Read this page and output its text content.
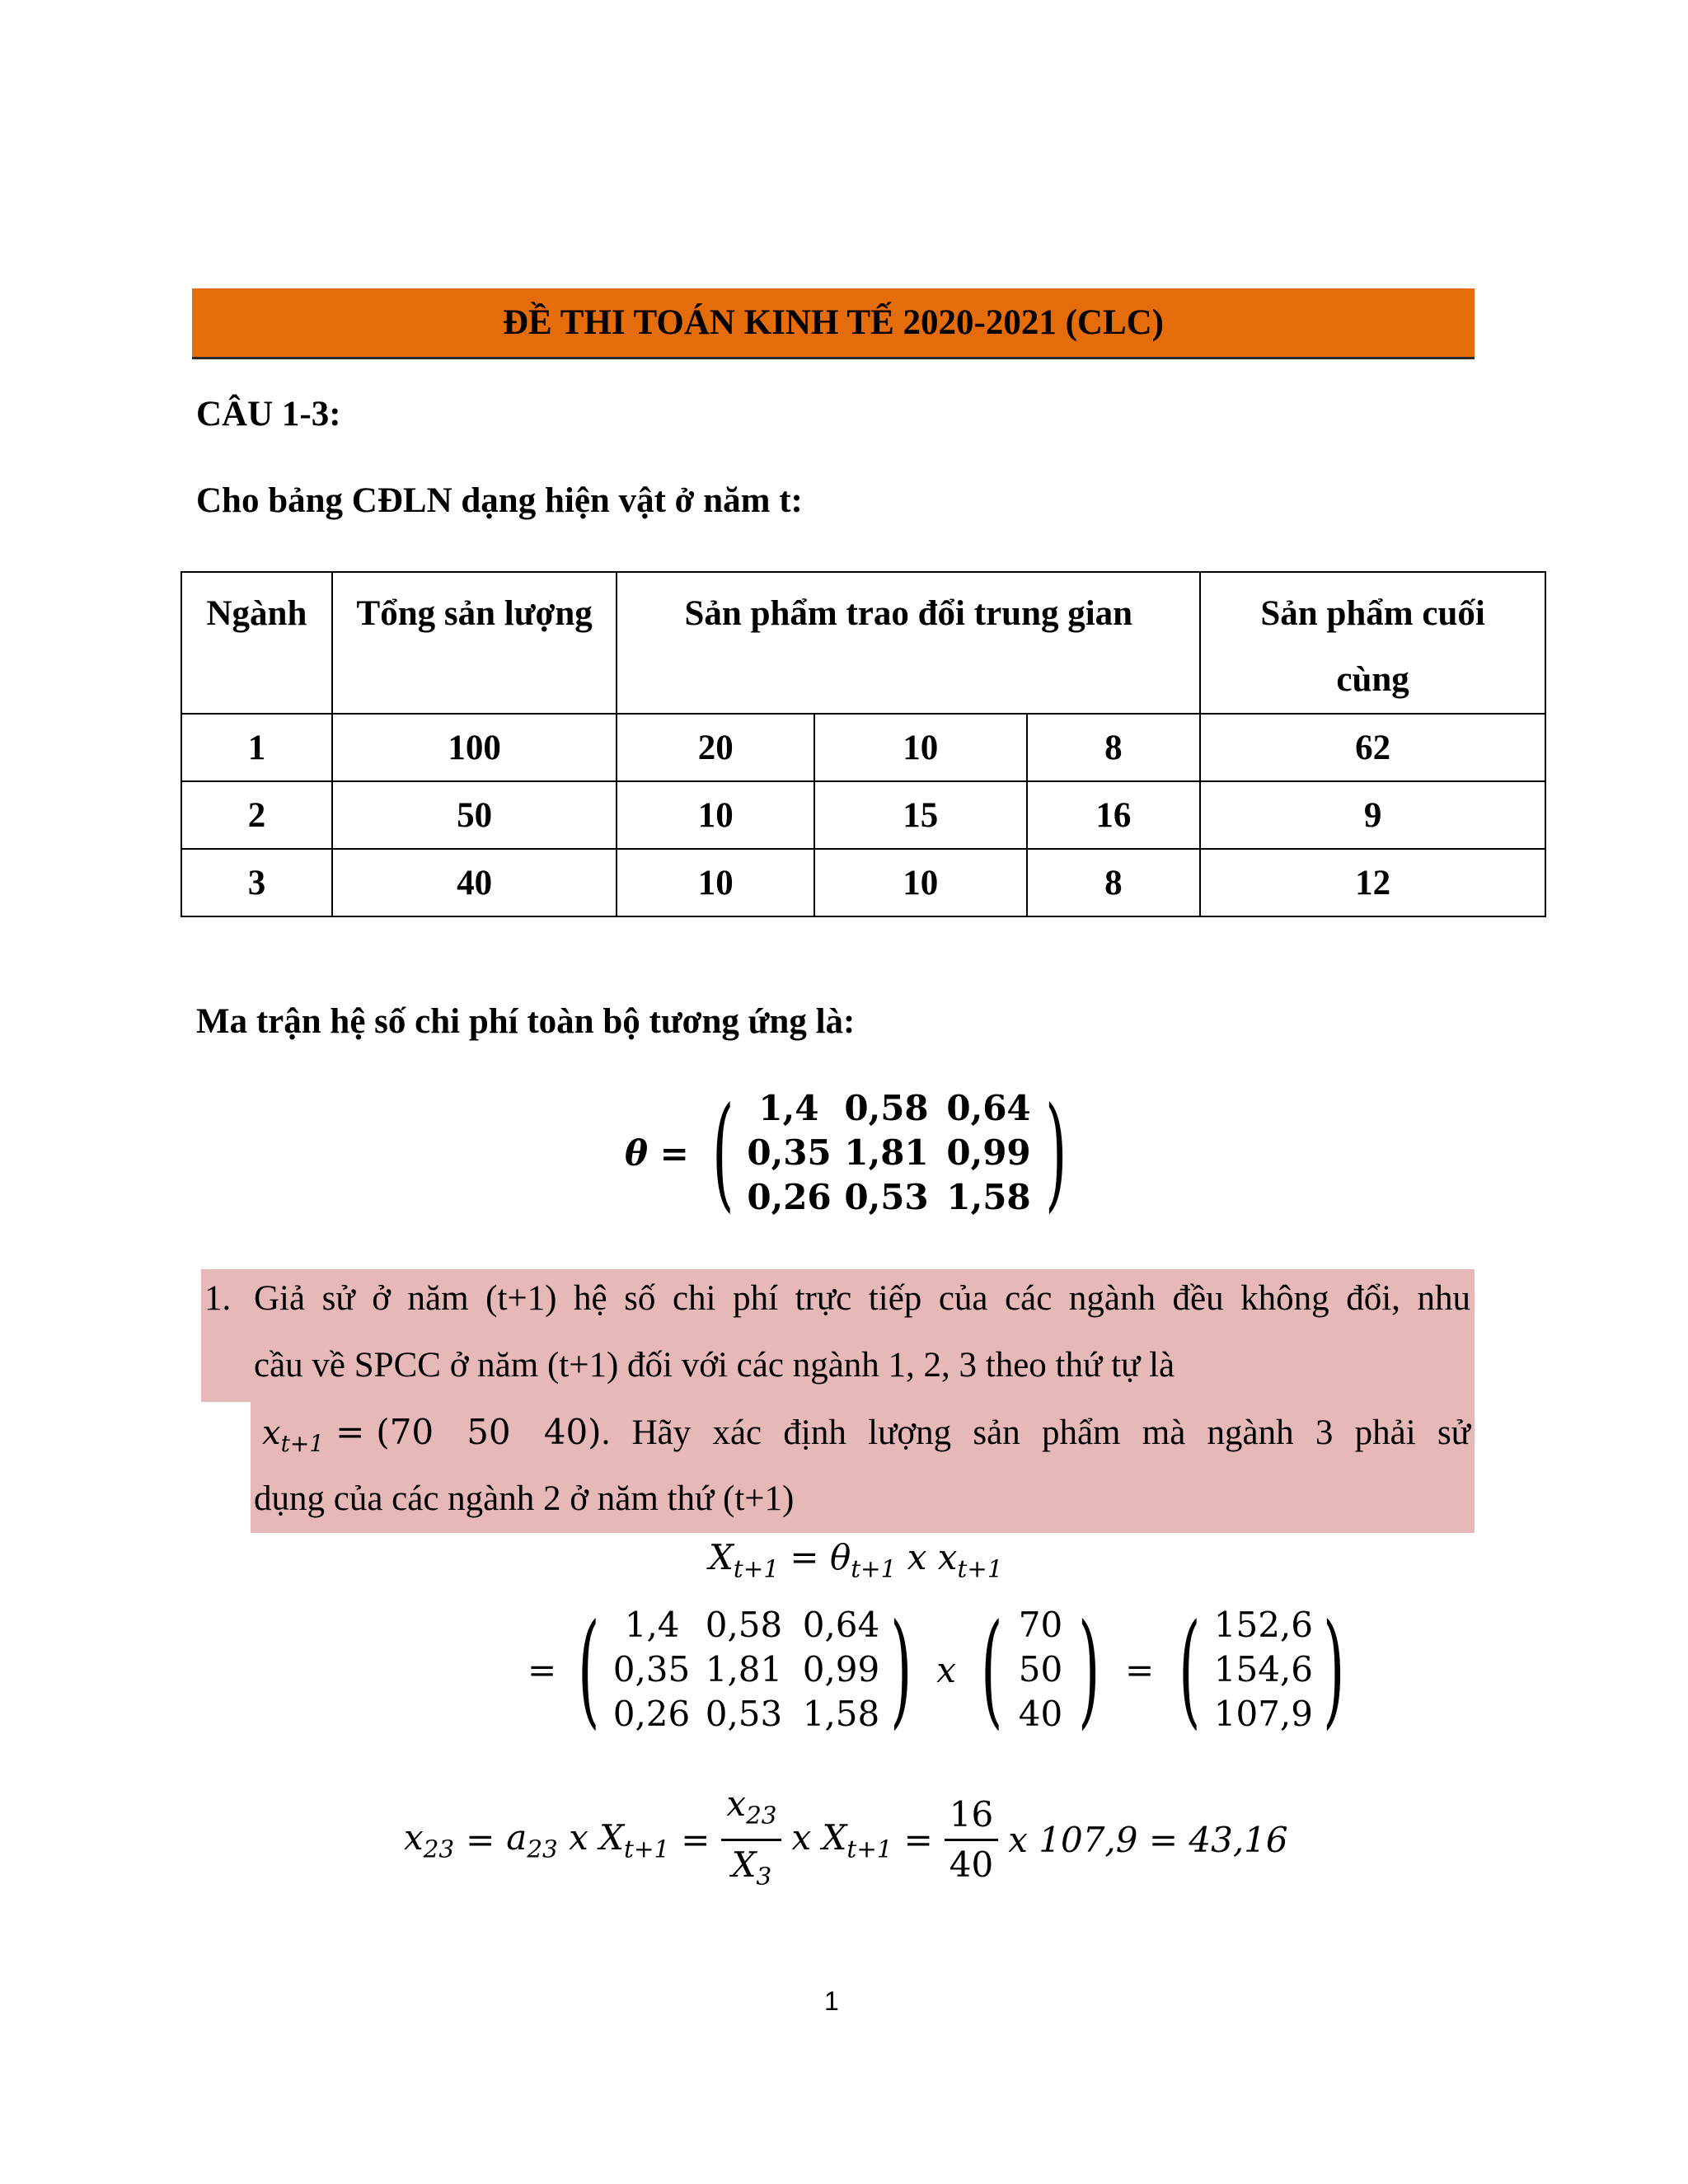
ĐỀ THI TOÁN KINH TẾ 2020-2021 (CLC)
CÂU 1-3:
Cho bảng CĐLN dạng hiện vật ở năm t:
Ngành	Tổng sản lượng	Sản phẩm trao đổi trung gian			Sản phẩm cuối cùng

1	100	20	10	8	62
2	50	10	15	16	9
3	40	10	10	8	12
Ma trận hệ số chi phí toàn bộ tương ứng là:
θ = ( 1,4 0,58 0,64
0,35 1,81 0,99
0,26 0,53 1,58 )
1. Giả sử ở năm (t+1) hệ số chi phí trực tiếp của các ngành đều không đổi, nhu
cầu về SPCC ở năm (t+1) đối với các ngành 1, 2, 3 theo thứ tự là
$x_{t+1} = (70$ 50 40) . Hãy xác định lượng sản phẩm mà ngành 3 phải sử
dụng của các ngành 2 ở năm thứ (t+1)
$X_{t+1} = \theta_{t+1}$ x $x_{t+1}$
= ( 1,4 0,58 0,64
0,35 1,81 0,99
0,26 0,53 1,58 ) x ( 70
50
40 ) = ( 152,6
154,6
107,9 )
$x_{23} = a_{23}$ x $X_{t+1} = \frac{x_{23}}{X_3}$ x $X_{t+1} = \frac{16}{40}$ x 107,9 = 43,16
1
